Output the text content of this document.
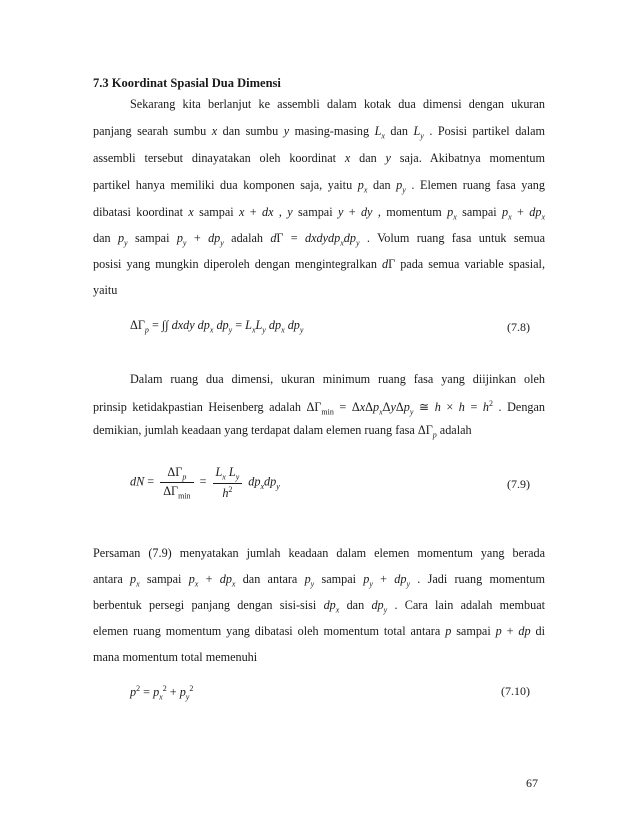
7.3 Koordinat Spasial Dua Dimensi
Sekarang kita berlanjut ke assembli dalam kotak dua dimensi dengan ukuran
panjang searah sumbu x dan sumbu y masing-masing $L_x$ dan $L_y$ . Posisi partikel dalam
assembli tersebut dinayatakan oleh koordinat x dan y saja. Akibatnya momentum
partikel hanya memiliki dua komponen saja, yaitu $p_x$ dan $p_y$ . Elemen ruang fasa yang
dibatasi koordinat x sampai x + dx , y sampai y + dy , momentum $p_x$ sampai $p_x + dp_x$
dan $p_y$ sampai $p_y + dp_y$ adalah $d\Gamma = dxdydp_xdp_y$ . Volum ruang fasa untuk semua
posisi yang mungkin diperoleh dengan mengintegralkan dΓ pada semua variable spasial,
yaitu
$\Delta\Gamma_p$ = ∫∫ dxdy $dp_x$ $dp_y = L_xL_y$ $dp_x$ $dp_y$	(7.8)
Dalam ruang dua dimensi, ukuran minimum ruang fasa yang diijinkan oleh
prinsip ketidakpastian Heisenberg adalah $\Delta\Gamma_{min} = \Delta x\Delta p_x\Delta y\Delta p_y$ ≅ $h \times h = h^2$ . Dengan
demikian, jumlah keadaan yang terdapat dalam elemen ruang fasa $\Delta\Gamma_p$ adalah
dN = $\frac{\Delta\Gamma_p}{\Delta\Gamma_{min}} = \frac{L_x L_y}{h^2} dp_xdp_y$	(7.9)
Persaman (7.9) menyatakan jumlah keadaan dalam elemen momentum yang berada
antara $p_x$ sampai $p_x + dp_x$ dan antara $p_y$ sampai $p_y + dp_y$ . Jadi ruang momentum
berbentuk persegi panjang dengan sisi-sisi $dp_x$ dan $dp_y$ . Cara lain adalah membuat
elemen ruang momentum yang dibatasi oleh momentum total antara p sampai p + dp di
mana momentum total memenuhi
$p^2 = p_x^2 + p_y^2$	(7.10)
67
